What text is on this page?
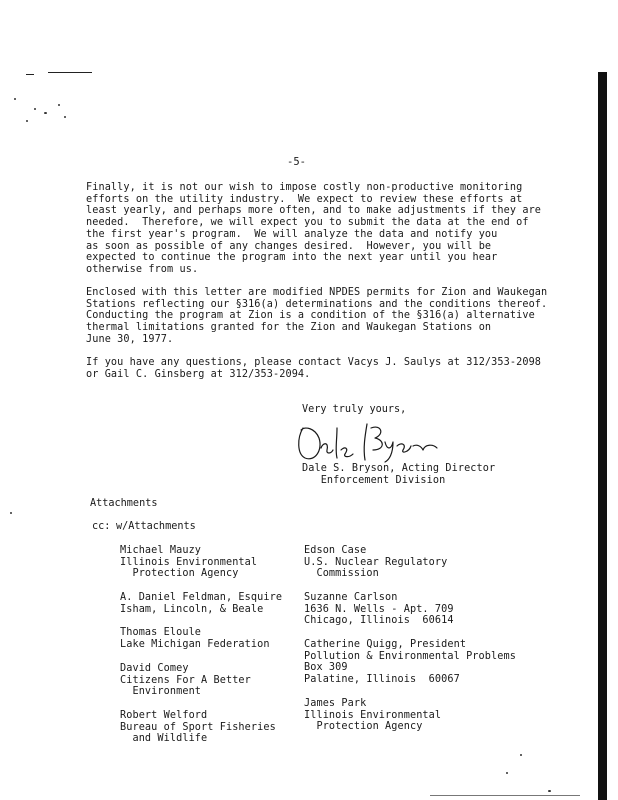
-5-
Finally, it is not our wish to impose costly non-productive monitoring
efforts on the utility industry.  We expect to review these efforts at
least yearly, and perhaps more often, and to make adjustments if they are
needed.  Therefore, we will expect you to submit the data at the end of
the first year's program.  We will analyze the data and notify you
as soon as possible of any changes desired.  However, you will be
expected to continue the program into the next year until you hear
otherwise from us.
Enclosed with this letter are modified NPDES permits for Zion and Waukegan
Stations reflecting our §316(a) determinations and the conditions thereof.
Conducting the program at Zion is a condition of the §316(a) alternative
thermal limitations granted for the Zion and Waukegan Stations on
June 30, 1977.
If you have any questions, please contact Vacys J. Saulys at 312/353-2098
or Gail C. Ginsberg at 312/353-2094.
Very truly yours,
Dale S. Bryson, Acting Director
Enforcement Division
Attachments
cc: w/Attachments
Michael Mauzy
Illinois Environmental
Protection Agency
A. Daniel Feldman, Esquire
Isham, Lincoln, & Beale
Thomas Eloule
Lake Michigan Federation
David Comey
Citizens For A Better
Environment
Robert Welford
Bureau of Sport Fisheries
and Wildlife
Edson Case
U.S. Nuclear Regulatory
Commission
Suzanne Carlson
1636 N. Wells - Apt. 709
Chicago, Illinois  60614
Catherine Quigg, President
Pollution & Environmental Problems
Box 309
Palatine, Illinois  60067
James Park
Illinois Environmental
Protection Agency
